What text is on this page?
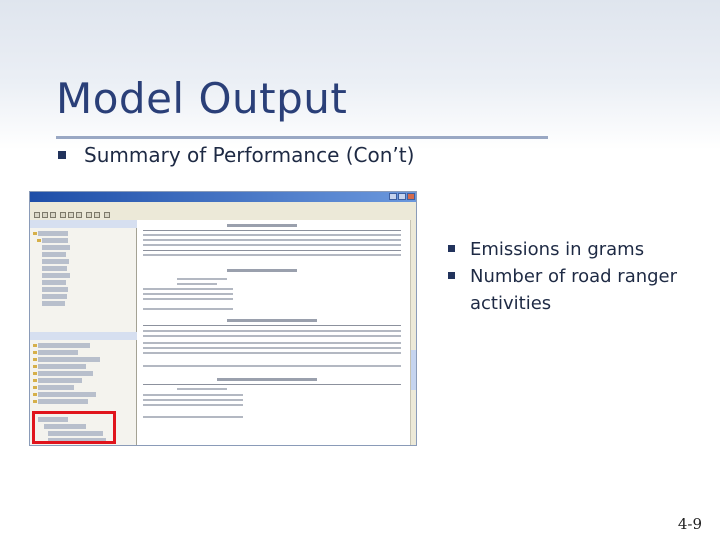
Model Output
Summary of Performance (Con’t)
Emissions in grams
Number of road ranger activities
4-9
